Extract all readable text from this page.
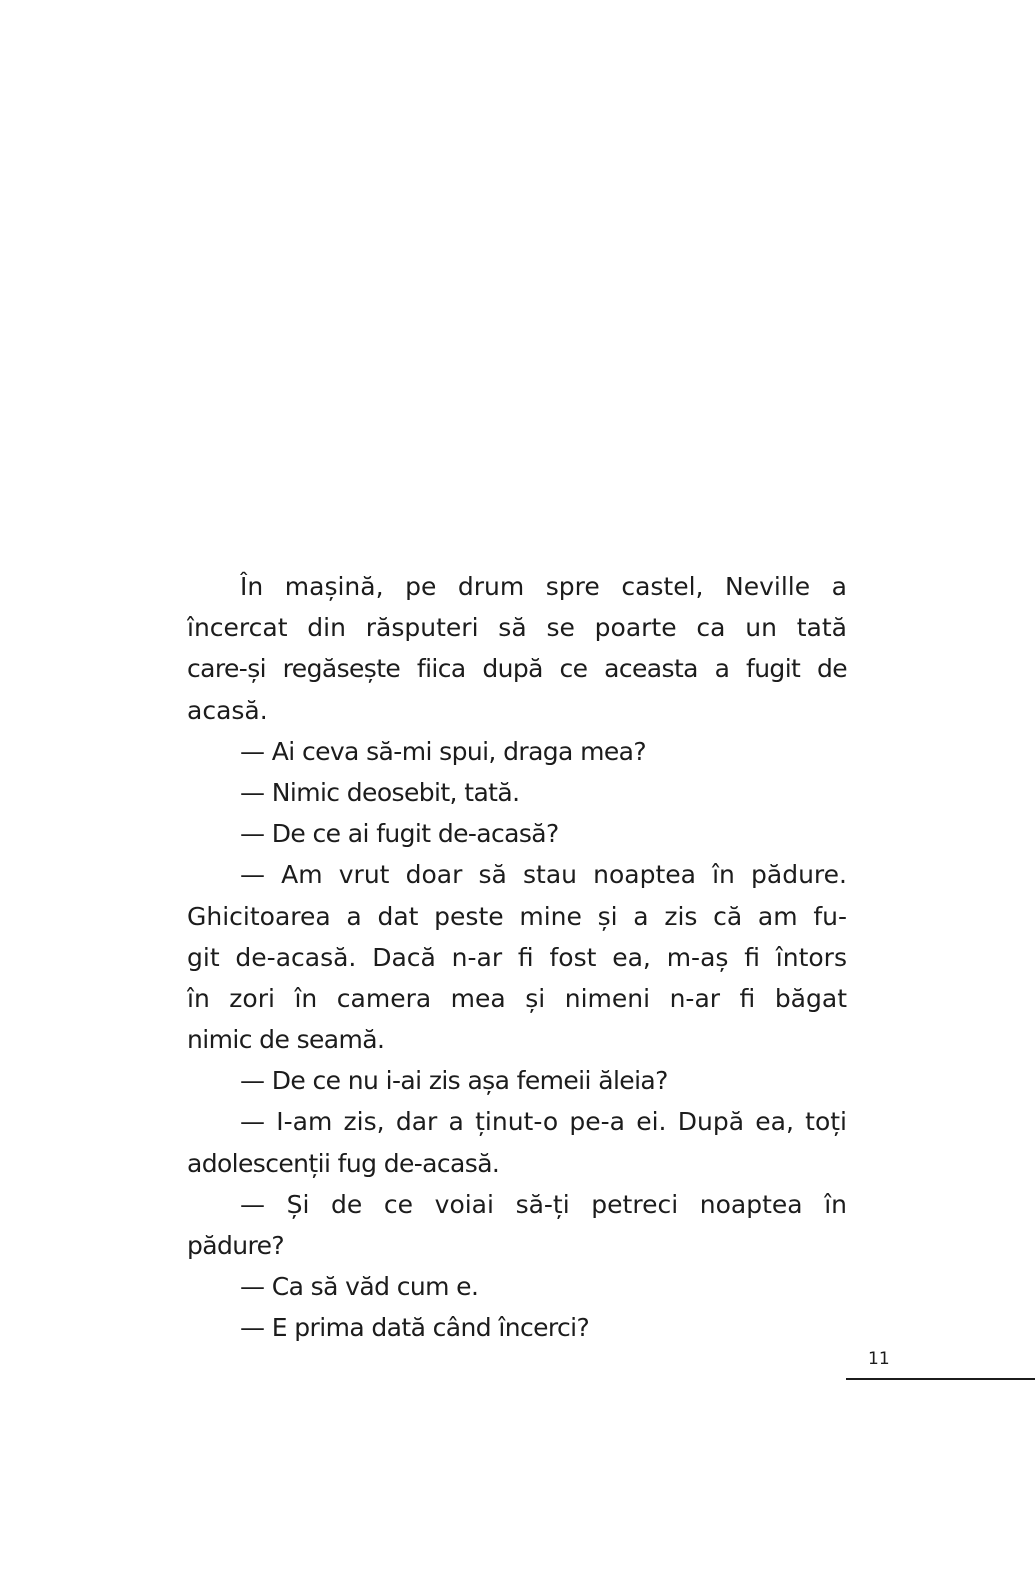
În mașină, pe drum spre castel, Neville a
încercat din răsputeri să se poarte ca un tată
care-și regăsește fiica după ce aceasta a fugit de
acasă.
— Ai ceva să-mi spui, draga mea?
— Nimic deosebit, tată.
— De ce ai fugit de-acasă?
— Am vrut doar să stau noaptea în pădure.
Ghicitoarea a dat peste mine și a zis că am fu-
git de-acasă. Dacă n-ar fi fost ea, m-aș fi întors
în zori în camera mea și nimeni n-ar fi băgat
nimic de seamă.
— De ce nu i-ai zis așa femeii ăleia?
— I-am zis, dar a ținut-o pe-a ei. După ea, toți
adolescenții fug de-acasă.
— Și de ce voiai să-ți petreci noaptea în
pădure?
— Ca să văd cum e.
— E prima dată când încerci?
11
